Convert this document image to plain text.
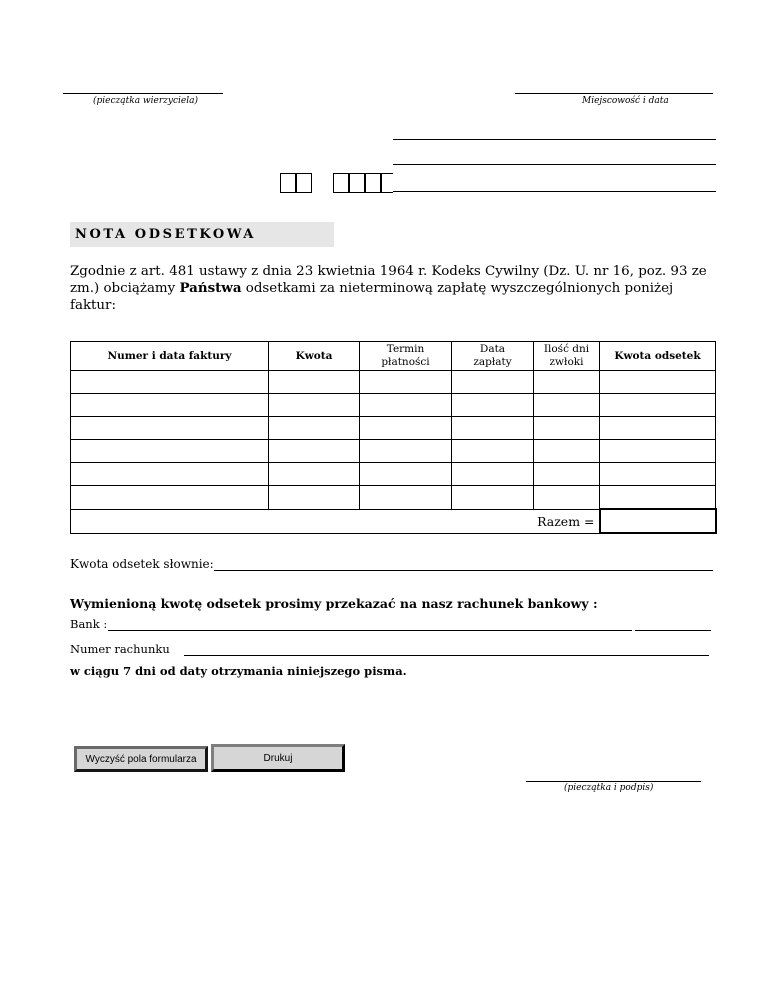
(pieczątka wierzyciela)	Miejscowość i data
NOTA ODSETKOWA
Zgodnie z art. 481 ustawy z dnia 23 kwietnia 1964 r. Kodeks Cywilny (Dz. U. nr 16, poz. 93 ze zm.) obciążamy Państwa odsetkami za nieterminową zapłatę wyszczególnionych poniżej faktur:
Numer i data faktury	Kwota	Termin płatności	Data zapłaty	Ilość dni zwłoki	Kwota odsetek

Razem =					
Kwota odsetek słownie:
Wymienioną kwotę odsetek prosimy przekazać na nasz rachunek bankowy :
Bank :
Numer rachunku
w ciągu 7 dni od daty otrzymania niniejszego pisma.
Wyczyść pola formularza	Drukuj
(pieczątka i podpis)
